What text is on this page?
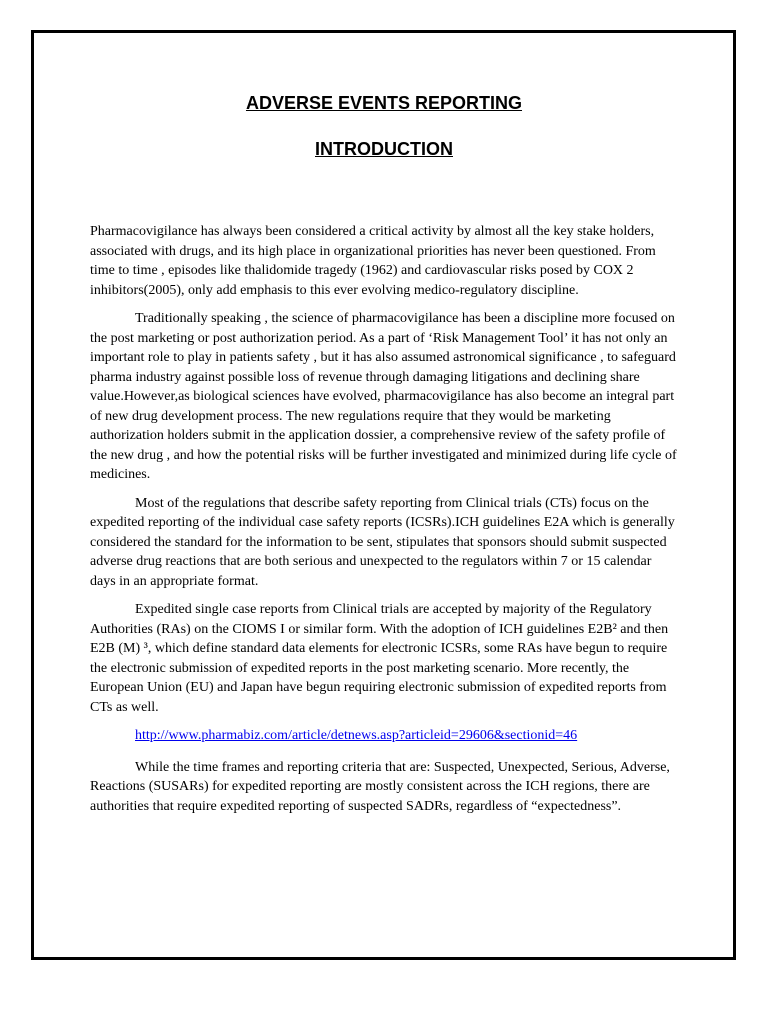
ADVERSE EVENTS REPORTING
INTRODUCTION

Pharmacovigilance has always been considered a critical activity by almost all the key stake holders, associated with drugs, and its high place in organizational priorities has never been questioned. From time to time , episodes like thalidomide tragedy (1962) and cardiovascular risks posed by COX 2 inhibitors(2005), only add emphasis to this ever evolving medico-regulatory discipline.

Traditionally speaking , the science of pharmacovigilance has been a discipline more focused on the post marketing or post authorization period. As a part of ‘Risk Management Tool’ it has not only an important role to play in patients safety , but it has also assumed astronomical significance , to safeguard pharma industry against possible loss of revenue through damaging litigations and declining share value.However,as biological sciences have evolved, pharmacovigilance has also become an integral part of new drug development process. The new regulations require that they would be marketing authorization holders submit in the application dossier, a comprehensive review of the safety profile of the new drug , and how the potential risks will be further investigated and minimized during life cycle of medicines.

Most of the regulations that describe safety reporting from Clinical trials (CTs) focus on the expedited reporting of the individual case safety reports (ICSRs).ICH guidelines E2A which is generally considered the standard for the information to be sent, stipulates that sponsors should submit suspected adverse drug reactions that are both serious and unexpected to the regulators within 7 or 15 calendar days in an appropriate format.

Expedited single case reports from Clinical trials are accepted by majority of the Regulatory Authorities (RAs) on the CIOMS I or similar form. With the adoption of ICH guidelines E2B² and then E2B (M) ³, which define standard data elements for electronic ICSRs, some RAs have begun to require the electronic submission of expedited reports in the post marketing scenario. More recently, the European Union (EU) and Japan have begun requiring electronic submission of expedited reports from CTs as well.

http://www.pharmabiz.com/article/detnews.asp?articleid=29606&sectionid=46

While the time frames and reporting criteria that are: Suspected, Unexpected, Serious, Adverse, Reactions (SUSARs) for expedited reporting are mostly consistent across the ICH regions, there are authorities that require expedited reporting of suspected SADRs, regardless of “expectedness”.
